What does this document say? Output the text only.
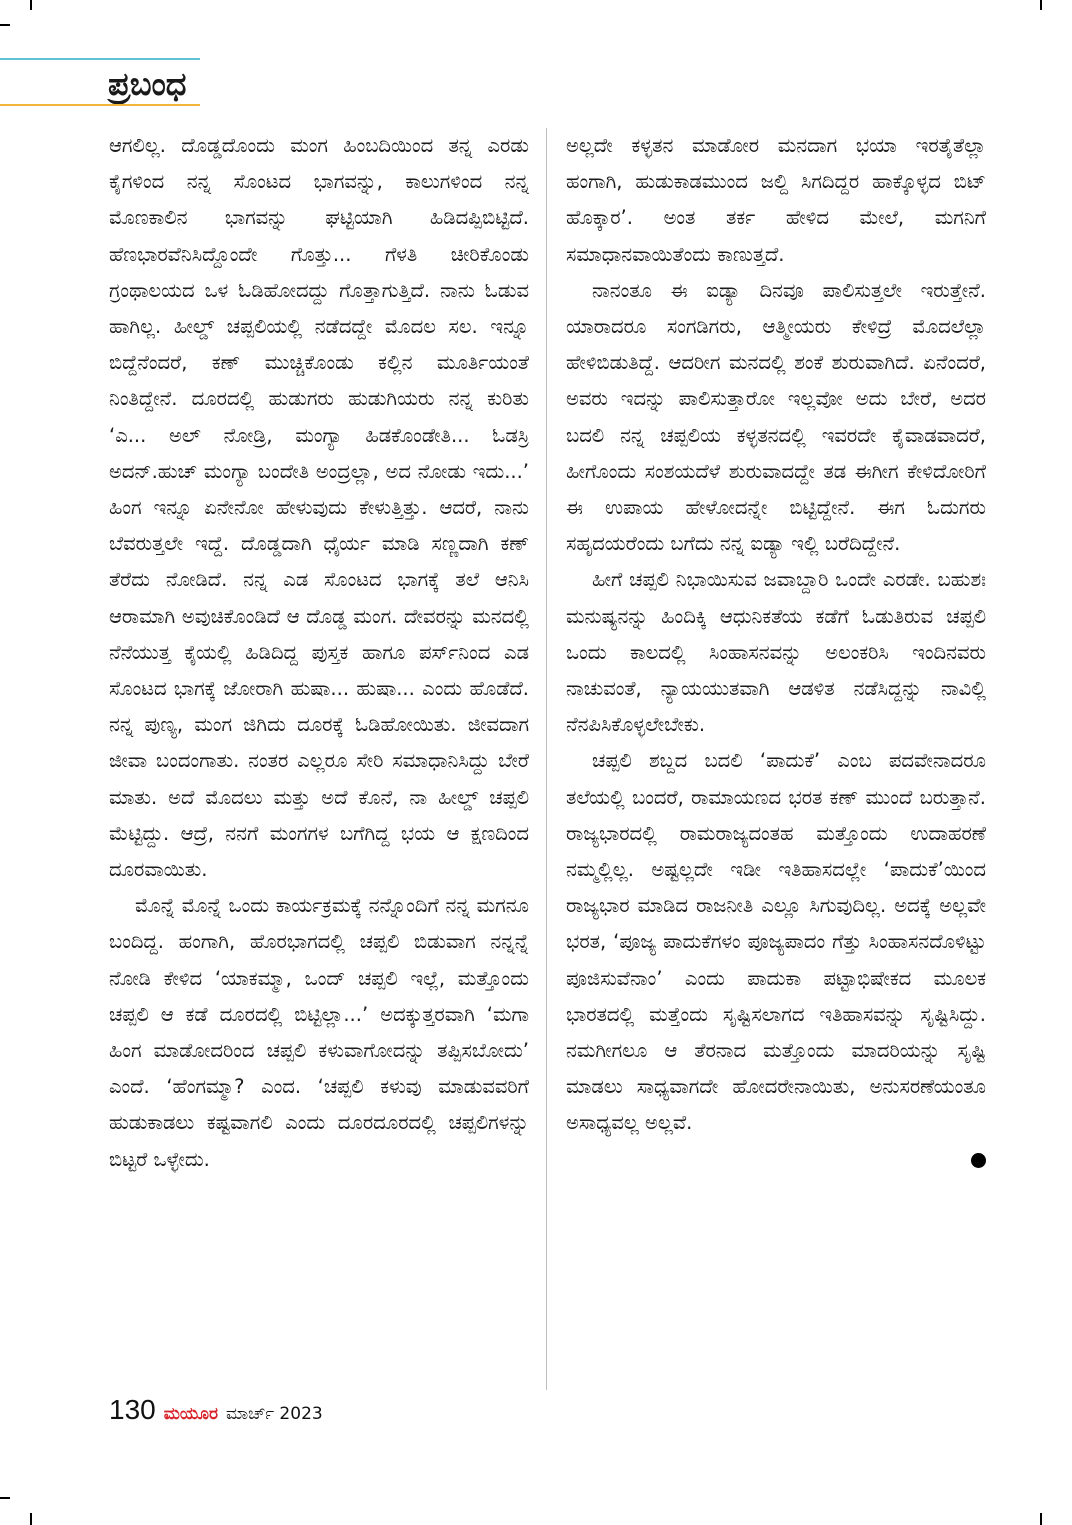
ಪ್ರಬಂಧ

ಆಗಲಿಲ್ಲ. ದೊಡ್ಡದೊಂದು ಮಂಗ ಹಿಂಬದಿಯಿಂದ ತನ್ನ ಎರಡು ಕೈಗಳಿಂದ ನನ್ನ ಸೊಂಟದ ಭಾಗವನ್ನು, ಕಾಲುಗಳಿಂದ ನನ್ನ ಮೊಣಕಾಲಿನ ಭಾಗವನ್ನು ಘಟ್ಟಿಯಾಗಿ ಹಿಡಿದಪ್ಪಿಬಿಟ್ಟಿದೆ. ಹೆಣಭಾರವೆನಿಸಿದ್ದೊಂದೇ ಗೊತ್ತು... ಗೆಳತಿ ಚೀರಿಕೊಂಡು ಗ್ರಂಥಾಲಯದ ಒಳ ಓಡಿಹೋದದ್ದು ಗೊತ್ತಾಗುತ್ತಿದೆ. ನಾನು ಓಡುವ ಹಾಗಿಲ್ಲ. ಹೀಲ್ಡ್ ಚಪ್ಪಲಿಯಲ್ಲಿ ನಡೆದದ್ದೇ ಮೊದಲ ಸಲ. ಇನ್ನೂ ಬಿದ್ದೆನೆಂದರೆ, ಕಣ್ ಮುಚ್ಚಿಕೊಂಡು ಕಲ್ಲಿನ ಮೂರ್ತಿಯಂತೆ ನಿಂತಿದ್ದೇನೆ. ದೂರದಲ್ಲಿ ಹುಡುಗರು ಹುಡುಗಿಯರು ನನ್ನ ಕುರಿತು ‘ಎ... ಅಲ್ ನೋಡ್ರಿ, ಮಂಗ್ಯಾ ಹಿಡಕೊಂಡೇತಿ... ಓಡಸ್ರಿ ಅದನ್.ಹುಚ್ ಮಂಗ್ಯಾ ಬಂದೇತಿ ಅಂದ್ರಲ್ಲಾ, ಅದ ನೋಡು ಇದು...’ ಹಿಂಗ ಇನ್ನೂ ಏನೇನೋ ಹೇಳುವುದು ಕೇಳುತ್ತಿತ್ತು. ಆದರೆ, ನಾನು ಬೆವರುತ್ತಲೇ ಇದ್ದೆ. ದೊಡ್ಡದಾಗಿ ಧೈರ್ಯ ಮಾಡಿ ಸಣ್ಣದಾಗಿ ಕಣ್ ತೆರೆದು ನೋಡಿದೆ. ನನ್ನ ಎಡ ಸೊಂಟದ ಭಾಗಕ್ಕೆ ತಲೆ ಆನಿಸಿ ಆರಾಮಾಗಿ ಅವುಚಿಕೊಂಡಿದೆ ಆ ದೊಡ್ಡ ಮಂಗ. ದೇವರನ್ನು ಮನದಲ್ಲಿ ನೆನೆಯುತ್ತ ಕೈಯಲ್ಲಿ ಹಿಡಿದಿದ್ದ ಪುಸ್ತಕ ಹಾಗೂ ಪರ್ಸ್‌ನಿಂದ ಎಡ ಸೊಂಟದ ಭಾಗಕ್ಕೆ ಜೋರಾಗಿ ಹುಷಾ... ಹುಷಾ... ಎಂದು ಹೊಡೆದೆ. ನನ್ನ ಪುಣ್ಯ, ಮಂಗ ಜಿಗಿದು ದೂರಕ್ಕೆ ಓಡಿಹೋಯಿತು. ಜೀವದಾಗ ಜೀವಾ ಬಂದಂಗಾತು. ನಂತರ ಎಲ್ಲರೂ ಸೇರಿ ಸಮಾಧಾನಿಸಿದ್ದು ಬೇರೆ ಮಾತು. ಅದೆ ಮೊದಲು ಮತ್ತು ಅದೆ ಕೊನೆ, ನಾ ಹೀಲ್ಡ್ ಚಪ್ಪಲಿ ಮೆಟ್ಟಿದ್ದು. ಆದ್ರೆ, ನನಗೆ ಮಂಗಗಳ ಬಗೆಗಿದ್ದ ಭಯ ಆ ಕ್ಷಣದಿಂದ ದೂರವಾಯಿತು.

ಮೊನ್ನೆ ಮೊನ್ನೆ ಒಂದು ಕಾರ್ಯಕ್ರಮಕ್ಕೆ ನನ್ನೊಂದಿಗೆ ನನ್ನ ಮಗನೂ ಬಂದಿದ್ದ. ಹಂಗಾಗಿ, ಹೊರಭಾಗದಲ್ಲಿ ಚಪ್ಪಲಿ ಬಿಡುವಾಗ ನನ್ನನ್ನೆ ನೋಡಿ ಕೇಳಿದ ‘ಯಾಕಮ್ಮಾ, ಒಂದ್ ಚಪ್ಪಲಿ ಇಲ್ಲೆ, ಮತ್ತೊಂದು ಚಪ್ಪಲಿ ಆ ಕಡೆ ದೂರದಲ್ಲಿ ಬಿಟ್ಟಿಲ್ಲಾ...’ ಅದಕ್ಕುತ್ತರವಾಗಿ ‘ಮಗಾ ಹಿಂಗ ಮಾಡೋದರಿಂದ ಚಪ್ಪಲಿ ಕಳುವಾಗೋದನ್ನು ತಪ್ಪಿಸಬೋದು’ ಎಂದೆ. ‘ಹೆಂಗಮ್ಮಾ? ಎಂದ. ‘ಚಪ್ಪಲಿ ಕಳುವು ಮಾಡುವವರಿಗೆ ಹುಡುಕಾಡಲು ಕಷ್ಟವಾಗಲಿ ಎಂದು ದೂರದೂರದಲ್ಲಿ ಚಪ್ಪಲಿಗಳನ್ನು ಬಿಟ್ಟರೆ ಒಳ್ಳೇದು.

ಅಲ್ಲದೇ ಕಳ್ಳತನ ಮಾಡೋರ ಮನದಾಗ ಭಯಾ ಇರತೈತೆಲ್ಲಾ ಹಂಗಾಗಿ, ಹುಡುಕಾಡಮುಂದ ಜಲ್ದಿ ಸಿಗದಿದ್ದರ ಹಾಕ್ಕೊಳ್ಳದ ಬಿಟ್ ಹೊಕ್ಕಾರ’. ಅಂತ ತರ್ಕ ಹೇಳಿದ ಮೇಲೆ, ಮಗನಿಗೆ ಸಮಾಧಾನವಾಯಿತೆಂದು ಕಾಣುತ್ತದೆ.

ನಾನಂತೂ ಈ ಐಡ್ಯಾ ದಿನವೂ ಪಾಲಿಸುತ್ತಲೇ ಇರುತ್ತೇನೆ. ಯಾರಾದರೂ ಸಂಗಡಿಗರು, ಆತ್ಮೀಯರು ಕೇಳಿದ್ರೆ ಮೊದಲೆಲ್ಲಾ ಹೇಳಿಬಿಡುತಿದ್ದೆ. ಆದರೀಗ ಮನದಲ್ಲಿ ಶಂಕೆ ಶುರುವಾಗಿದೆ. ಏನೆಂದರೆ, ಅವರು ಇದನ್ನು ಪಾಲಿಸುತ್ತಾರೋ ಇಲ್ಲವೋ ಅದು ಬೇರೆ, ಅದರ ಬದಲಿ ನನ್ನ ಚಪ್ಪಲಿಯ ಕಳ್ಳತನದಲ್ಲಿ ಇವರದೇ ಕೈವಾಡವಾದರೆ, ಹೀಗೊಂದು ಸಂಶಯದೆಳೆ ಶುರುವಾದದ್ದೇ ತಡ ಈಗೀಗ ಕೇಳಿದೋರಿಗೆ ಈ ಉಪಾಯ ಹೇಳೋದನ್ನೇ ಬಿಟ್ಟಿದ್ದೇನೆ. ಈಗ ಓದುಗರು ಸಹೃದಯರೆಂದು ಬಗೆದು ನನ್ನ ಐಡ್ಯಾ ಇಲ್ಲಿ ಬರೆದಿದ್ದೇನೆ.

ಹೀಗೆ ಚಪ್ಪಲಿ ನಿಭಾಯಿಸುವ ಜವಾಬ್ದಾರಿ ಒಂದೇ ಎರಡೇ. ಬಹುಶಃ ಮನುಷ್ಯನನ್ನು ಹಿಂದಿಕ್ಕಿ ಆಧುನಿಕತೆಯ ಕಡೆಗೆ ಓಡುತಿರುವ ಚಪ್ಪಲಿ ಒಂದು ಕಾಲದಲ್ಲಿ ಸಿಂಹಾಸನವನ್ನು ಅಲಂಕರಿಸಿ ಇಂದಿನವರು ನಾಚುವಂತೆ, ನ್ಯಾಯಯುತವಾಗಿ ಆಡಳಿತ ನಡೆಸಿದ್ದನ್ನು ನಾವಿಲ್ಲಿ ನೆನಪಿಸಿಕೊಳ್ಳಲೇಬೇಕು.

ಚಪ್ಪಲಿ ಶಬ್ದದ ಬದಲಿ ‘ಪಾದುಕೆ’ ಎಂಬ ಪದವೇನಾದರೂ ತಲೆಯಲ್ಲಿ ಬಂದರೆ, ರಾಮಾಯಣದ ಭರತ ಕಣ್ ಮುಂದೆ ಬರುತ್ತಾನೆ. ರಾಜ್ಯಭಾರದಲ್ಲಿ ರಾಮರಾಜ್ಯದಂತಹ ಮತ್ತೊಂದು ಉದಾಹರಣೆ ನಮ್ಮಲ್ಲಿಲ್ಲ. ಅಷ್ಟಲ್ಲದೇ ಇಡೀ ಇತಿಹಾಸದಲ್ಲೇ ‘ಪಾದುಕೆ’ಯಿಂದ ರಾಜ್ಯಭಾರ ಮಾಡಿದ ರಾಜನೀತಿ ಎಲ್ಲೂ ಸಿಗುವುದಿಲ್ಲ. ಅದಕ್ಕೆ ಅಲ್ಲವೇ ಭರತ, ‘ಪೂಜ್ಯ ಪಾದುಕೆಗಳಂ ಪೂಜ್ಯಪಾದಂ ಗೆತ್ತು ಸಿಂಹಾಸನದೊಳಿಟ್ಟು ಪೂಜಿಸುವೆನಾಂ’ ಎಂದು ಪಾದುಕಾ ಪಟ್ಟಾಭಿಷೇಕದ ಮೂಲಕ ಭಾರತದಲ್ಲಿ ಮತ್ತೆಂದು ಸೃಷ್ಟಿಸಲಾಗದ ಇತಿಹಾಸವನ್ನು ಸೃಷ್ಟಿಸಿದ್ದು. ನಮಗೀಗಲೂ ಆ ತೆರನಾದ ಮತ್ತೊಂದು ಮಾದರಿಯನ್ನು ಸೃಷ್ಟಿ ಮಾಡಲು ಸಾಧ್ಯವಾಗದೇ ಹೋದರೇನಾಯಿತು, ಅನುಸರಣೆಯಂತೂ ಅಸಾಧ್ಯವಲ್ಲ ಅಲ್ಲವೆ.

130 ಮಯೂರ ಮಾರ್ಚ್ 2023
